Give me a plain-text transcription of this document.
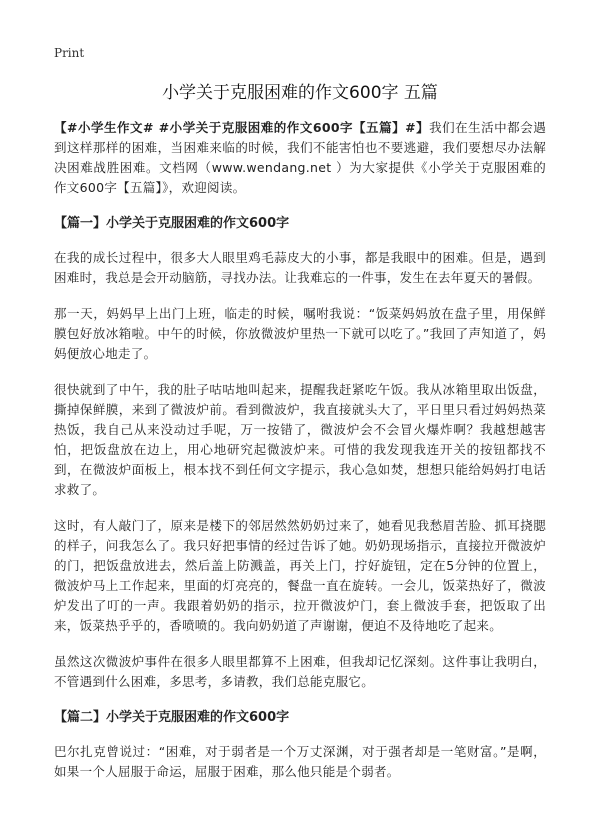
Print
小学关于克服困难的作文600字 五篇

【#小学生作文# #小学关于克服困难的作文600字【五篇】#】我们在生活中都会遇到这样那样的困难，当困难来临的时候，我们不能害怕也不要逃避，我们要想尽办法解决困难战胜困难。文档网（www.wendang.net ）为大家提供《小学关于克服困难的作文600字【五篇】》，欢迎阅读。

【篇一】小学关于克服困难的作文600字

在我的成长过程中，很多大人眼里鸡毛蒜皮大的小事，都是我眼中的困难。但是，遇到困难时，我总是会开动脑筋，寻找办法。让我难忘的一件事，发生在去年夏天的暑假。

那一天，妈妈早上出门上班，临走的时候，嘱咐我说：“饭菜妈妈放在盘子里，用保鲜膜包好放冰箱啦。中午的时候，你放微波炉里热一下就可以吃了。”我回了声知道了，妈妈便放心地走了。

很快就到了中午，我的肚子咕咕地叫起来，提醒我赶紧吃午饭。我从冰箱里取出饭盘，撕掉保鲜膜，来到了微波炉前。看到微波炉，我直接就头大了，平日里只看过妈妈热菜热饭，我自己从来没动过手呢，万一按错了，微波炉会不会冒火爆炸啊？我越想越害怕，把饭盘放在边上，用心地研究起微波炉来。可惜的我发现我连开关的按钮都找不到，在微波炉面板上，根本找不到任何文字提示，我心急如焚，想想只能给妈妈打电话求救了。

这时，有人敲门了，原来是楼下的邻居然然奶奶过来了，她看见我愁眉苦脸、抓耳挠腮的样子，问我怎么了。我只好把事情的经过告诉了她。奶奶现场指示，直接拉开微波炉的门，把饭盘放进去，然后盖上防溅盖，再关上门，拧好旋钮，定在5分钟的位置上，微波炉马上工作起来，里面的灯亮亮的，餐盘一直在旋转。一会儿，饭菜热好了，微波炉发出了叮的一声。我跟着奶奶的指示，拉开微波炉门，套上微波手套，把饭取了出来，饭菜热乎乎的，香喷喷的。我向奶奶道了声谢谢，便迫不及待地吃了起来。

虽然这次微波炉事件在很多人眼里都算不上困难，但我却记忆深刻。这件事让我明白，不管遇到什么困难，多思考，多请教，我们总能克服它。

【篇二】小学关于克服困难的作文600字

巴尔扎克曾说过：“困难，对于弱者是一个万丈深渊，对于强者却是一笔财富。”是啊，如果一个人屈服于命运，屈服于困难，那么他只能是个弱者。
